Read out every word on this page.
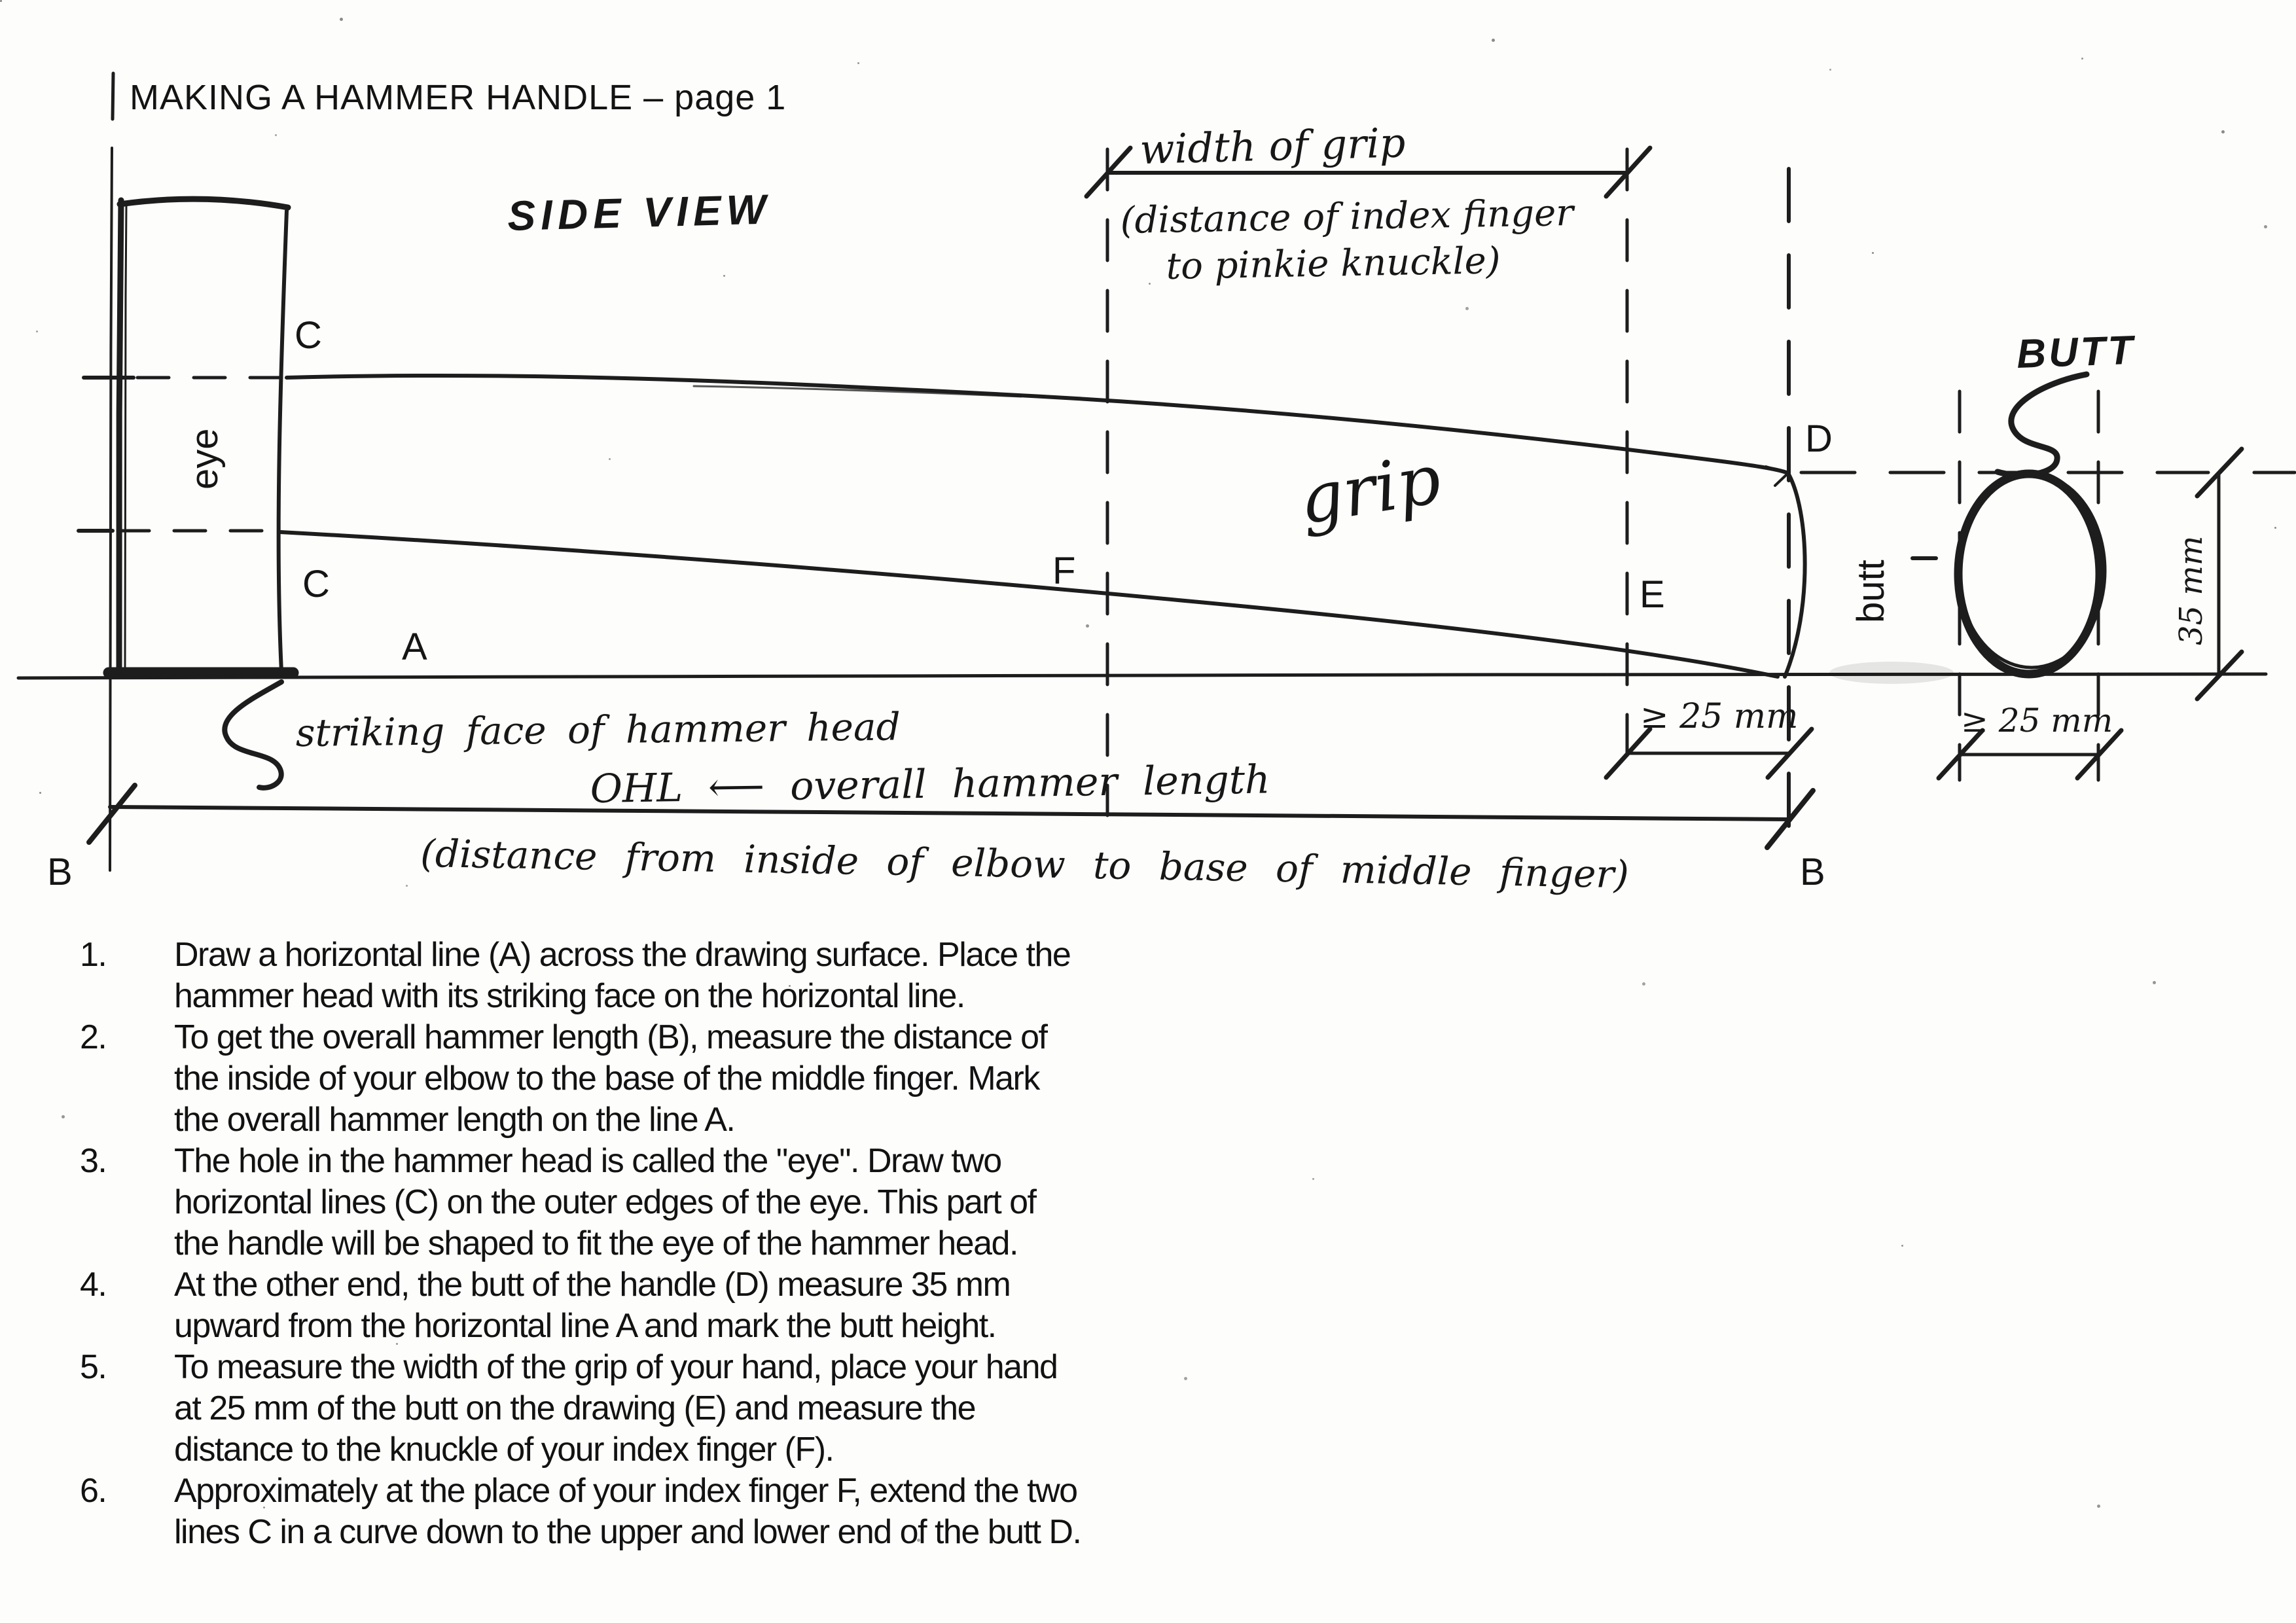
MAKING A HAMMER HANDLE – page 1
C
C
A
B	B
D
E
F
eye
butt
SIDE VIEW
width of grip
(distance of index finger
to pinkie knuckle)
grip
striking face of hammer head
OHL ⟵ overall hammer length
(distance from inside of elbow to base of middle finger)
≥ 25 mm	≥ 25 mm
35 mm
BUTT
1.	Draw a horizontal line (A) across the drawing surface. Place the
hammer head with its striking face on the horizontal line.
2.	To get the overall hammer length (B), measure the distance of
the inside of your elbow to the base of the middle finger. Mark
the overall hammer length on the line A.
3.	The hole in the hammer head is called the "eye". Draw two
horizontal lines (C) on the outer edges of the eye. This part of
the handle will be shaped to fit the eye of the hammer head.
4.	At the other end, the butt of the handle (D) measure 35 mm
upward from the horizontal line A and mark the butt height.
5.	To measure the width of the grip of your hand, place your hand
at 25 mm of the butt on the drawing (E) and measure the
distance to the knuckle of your index finger (F).
6.	Approximately at the place of your index finger F, extend the two
lines C in a curve down to the upper and lower end of the butt D.
